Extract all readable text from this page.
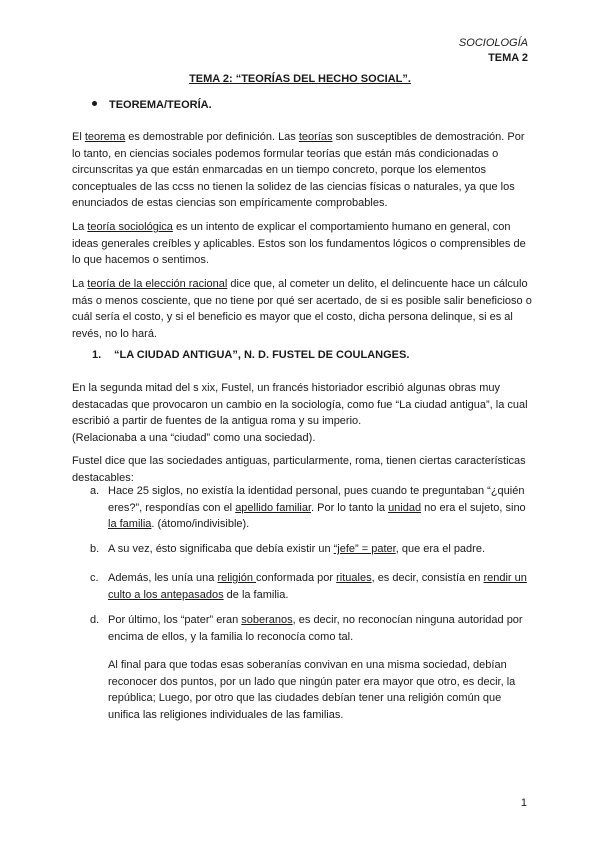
SOCIOLOGÍA
TEMA 2
TEMA 2: “TEORÍAS DEL HECHO SOCIAL”.
TEOREMA/TEORÍA.

El teorema es demostrable por definición. Las teorías son susceptibles de demostración. Por lo tanto, en ciencias sociales podemos formular teorías que están más condicionadas o circunscritas ya que están enmarcadas en un tiempo concreto, porque los elementos conceptuales de las ccss no tienen la solidez de las ciencias físicas o naturales, ya que los enunciados de estas ciencias son empíricamente comprobables.

La teoría sociológica es un intento de explicar el comportamiento humano en general, con ideas generales creíbles y aplicables. Estos son los fundamentos lógicos o comprensibles de lo que hacemos o sentimos.

La teoría de la elección racional dice que, al cometer un delito, el delincuente hace un cálculo más o menos cosciente, que no tiene por qué ser acertado, de si es posible salir beneficioso o cuál sería el costo, y si el beneficio es mayor que el costo, dicha persona delinque, si es al revés, no lo hará.

1. “LA CIUDAD ANTIGUA”, N. D. FUSTEL DE COULANGES.

En la segunda mitad del s xix, Fustel, un francés historiador escribió algunas obras muy destacadas que provocaron un cambio en la sociología, como fue “La ciudad antigua”, la cual escribió a partir de fuentes de la antigua roma y su imperio.
(Relacionaba a una “ciudad” como una sociedad).

Fustel dice que las sociedades antiguas, particularmente, roma, tienen ciertas características destacables:

a. Hace 25 siglos, no existía la identidad personal, pues cuando te preguntaban “¿quién eres?”, respondías con el apellido familiar. Por lo tanto la unidad no era el sujeto, sino la familia. (átomo/indivisible).
b. A su vez, ésto significaba que debía existir un “jefe” = pater, que era el padre.
c. Además, les unía una religión conformada por rituales, es decir, consistía en rendir un culto a los antepasados de la familia.
d. Por último, los “pater” eran soberanos, es decir, no reconocían ninguna autoridad por encima de ellos, y la familia lo reconocía como tal.

Al final para que todas esas soberanías convivan en una misma sociedad, debían reconocer dos puntos, por un lado que ningún pater era mayor que otro, es decir, la república; Luego, por otro que las ciudades debían tener una religión común que unifica las religiones individuales de las familias.

1
